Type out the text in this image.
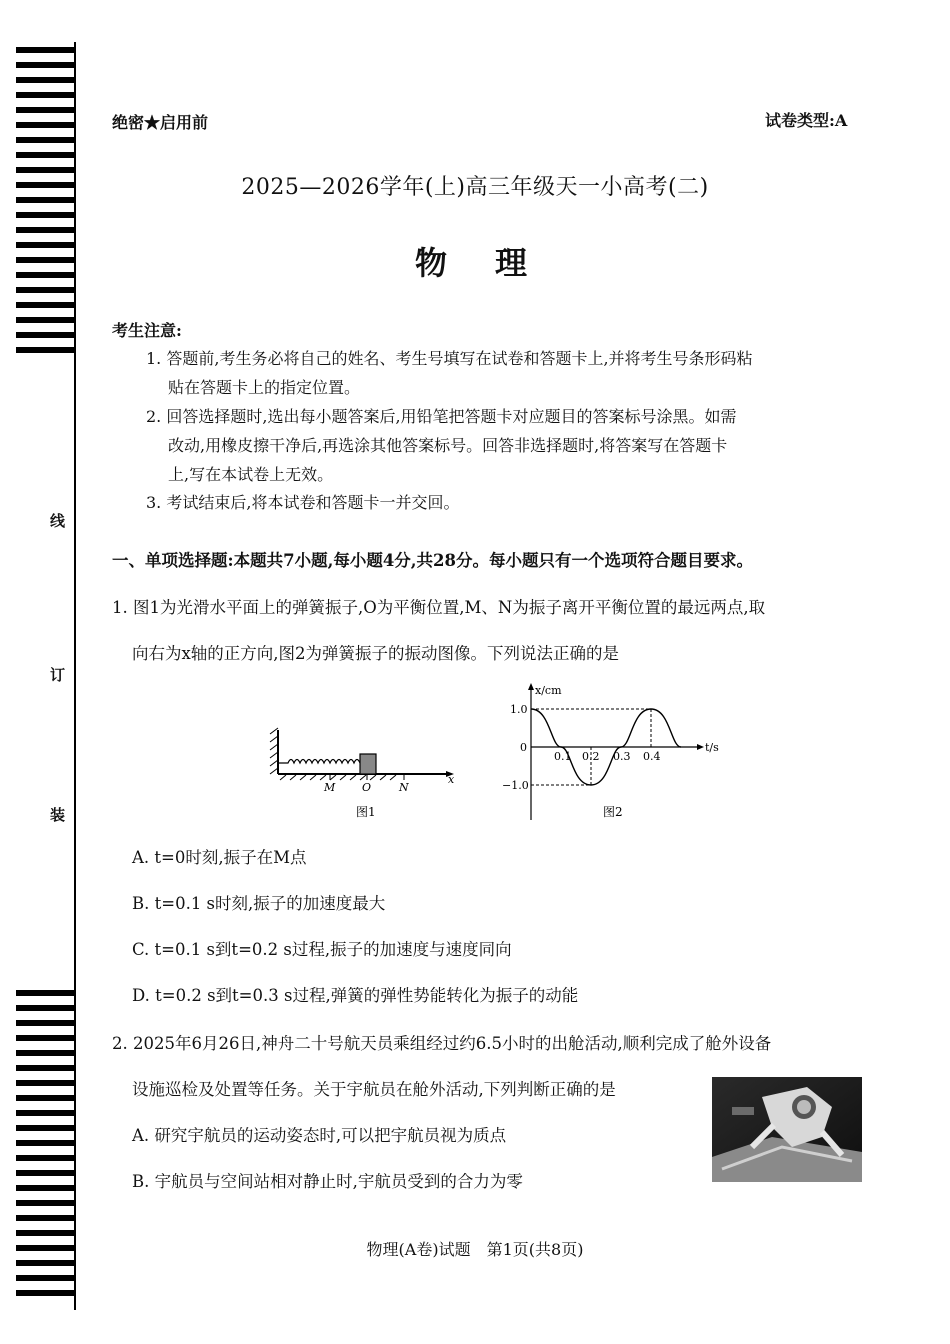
线
订
装
绝密★启用前	试卷类型:A
2025—2026学年(上)高三年级天一小高考(二)
物　理
考生注意:
1. 答题前,考生务必将自己的姓名、考生号填写在试卷和答题卡上,并将考生号条形码粘
贴在答题卡上的指定位置。
2. 回答选择题时,选出每小题答案后,用铅笔把答题卡对应题目的答案标号涂黑。如需
改动,用橡皮擦干净后,再选涂其他答案标号。回答非选择题时,将答案写在答题卡
上,写在本试卷上无效。
3. 考试结束后,将本试卷和答题卡一并交回。
一、单项选择题:本题共7小题,每小题4分,共28分。每小题只有一个选项符合题目要求。
1. 图1为光滑水平面上的弹簧振子,O为平衡位置,M、N为振子离开平衡位置的最远两点,取
向右为x轴的正方向,图2为弹簧振子的振动图像。下列说法正确的是
x
M O	N
图1
x/cm
t/s
1.0
0
−1.0
0.1 0.2 0.3 0.4
图2
A. t=0时刻,振子在M点
B. t=0.1 s时刻,振子的加速度最大
C. t=0.1 s到t=0.2 s过程,振子的加速度与速度同向
D. t=0.2 s到t=0.3 s过程,弹簧的弹性势能转化为振子的动能
2. 2025年6月26日,神舟二十号航天员乘组经过约6.5小时的出舱活动,顺利完成了舱外设备
设施巡检及处置等任务。关于宇航员在舱外活动,下列判断正确的是
A. 研究宇航员的运动姿态时,可以把宇航员视为质点
B. 宇航员与空间站相对静止时,宇航员受到的合力为零
物理(A卷)试题　第1页(共8页)
